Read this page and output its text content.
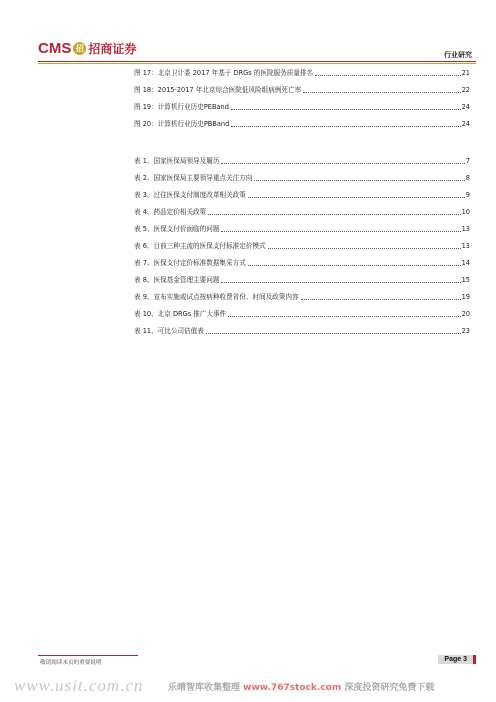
CMS 招 招商证券	行业研究
图 17：北京卫计委 2017 年基于 DRGs 的医院服务质量排名	21
图 18：2015-2017 年北京综合医院低风险组病例死亡率	22
图 19：计算机行业历史PEBand	24
图 20：计算机行业历史PBBand	24
表 1、国家医保局领导及履历	7
表 2、国家医保局主要领导重点关注方向	8
表 3、过往医保支付制度改革相关政策	9
表 4、药品定价相关政策	10
表 5、医保支付价面临的问题	13
表 6、目前三种主流的医保支付标准定价模式	13
表 7、医保支付定价标准数据集采方式	14
表 8、医保基金管理主要问题	15
表 9、宣布实施或试点按病种收费省份、时间及政策内容	19
表 10、北京 DRGs 推广大事件	20
表 11、可比公司估值表	23
敬请阅读末页的重要说明	Page 3
www.usit.com.cn	乐晴智库收集整理 www.767stock.com 深度投资研究免费下载
